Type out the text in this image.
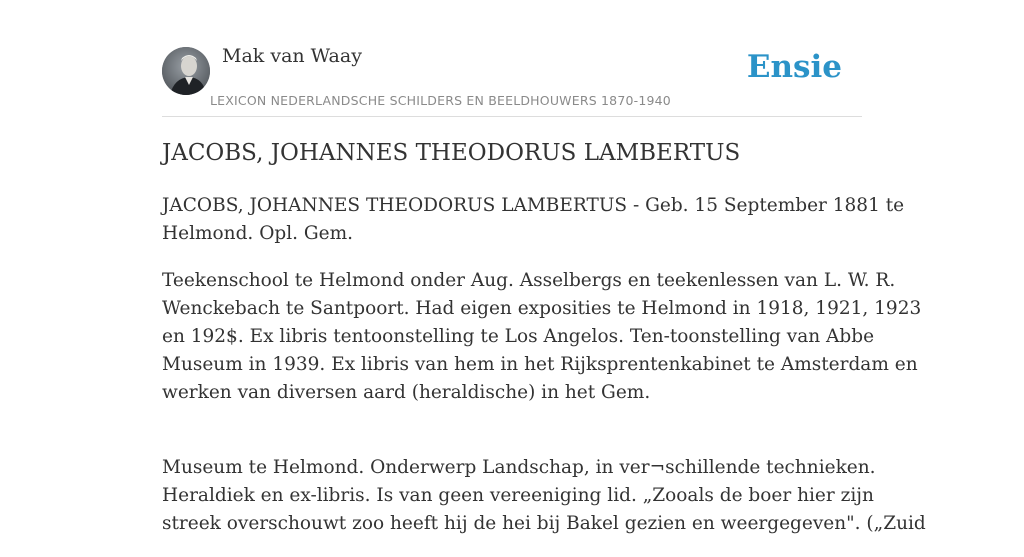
Mak van Waay
LEXICON NEDERLANDSCHE SCHILDERS EN BEELDHOUWERS 1870-1940
Ensie
JACOBS, JOHANNES THEODORUS LAMBERTUS

JACOBS, JOHANNES THEODORUS LAMBERTUS - Geb. 15 September 1881 te
Helmond. Opl. Gem.

Teekenschool te Helmond onder Aug. Asselbergs en teekenlessen van L. W. R.
Wenckebach te Santpoort. Had eigen exposities te Helmond in 1918, 1921, 1923
en 192$. Ex libris tentoonstelling te Los Angelos. Ten-toonstelling van Abbe
Museum in 1939. Ex libris van hem in het Rijksprentenkabinet te Amsterdam en
werken van diversen aard (heraldische) in het Gem.

Museum te Helmond. Onderwerp Landschap, in ver¬schillende technieken.
Heraldiek en ex-libris. Is van geen vereeniging lid. „Zooals de boer hier zijn
streek overschouwt zoo heeft hij de hei bij Bakel gezien en weergegeven". („Zuid
